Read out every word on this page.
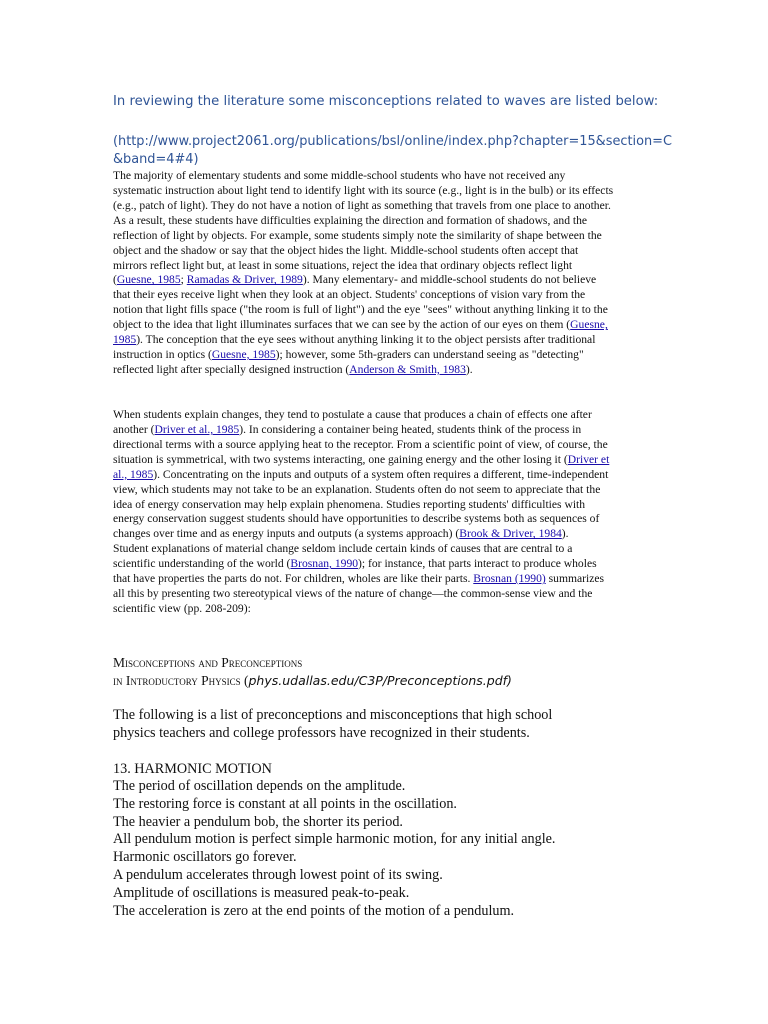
In reviewing the literature some misconceptions related to waves are listed below:

(http://www.project2061.org/publications/bsl/online/index.php?chapter=15&section=C&band=4#4)

The majority of elementary students and some middle-school students who have not received any
systematic instruction about light tend to identify light with its source (e.g., light is in the bulb) or its effects
(e.g., patch of light). They do not have a notion of light as something that travels from one place to another.
As a result, these students have difficulties explaining the direction and formation of shadows, and the
reflection of light by objects. For example, some students simply note the similarity of shape between the
object and the shadow or say that the object hides the light. Middle-school students often accept that
mirrors reflect light but, at least in some situations, reject the idea that ordinary objects reflect light
(Guesne, 1985; Ramadas & Driver, 1989). Many elementary- and middle-school students do not believe
that their eyes receive light when they look at an object. Students' conceptions of vision vary from the
notion that light fills space ("the room is full of light") and the eye "sees" without anything linking it to the
object to the idea that light illuminates surfaces that we can see by the action of our eyes on them (Guesne,
1985). The conception that the eye sees without anything linking it to the object persists after traditional
instruction in optics (Guesne, 1985); however, some 5th-graders can understand seeing as "detecting"
reflected light after specially designed instruction (Anderson & Smith, 1983).

When students explain changes, they tend to postulate a cause that produces a chain of effects one after
another (Driver et al., 1985). In considering a container being heated, students think of the process in
directional terms with a source applying heat to the receptor. From a scientific point of view, of course, the
situation is symmetrical, with two systems interacting, one gaining energy and the other losing it (Driver et
al., 1985). Concentrating on the inputs and outputs of a system often requires a different, time-independent
view, which students may not take to be an explanation. Students often do not seem to appreciate that the
idea of energy conservation may help explain phenomena. Studies reporting students' difficulties with
energy conservation suggest students should have opportunities to describe systems both as sequences of
changes over time and as energy inputs and outputs (a systems approach) (Brook & Driver, 1984).
Student explanations of material change seldom include certain kinds of causes that are central to a
scientific understanding of the world (Brosnan, 1990); for instance, that parts interact to produce wholes
that have properties the parts do not. For children, wholes are like their parts. Brosnan (1990) summarizes
all this by presenting two stereotypical views of the nature of change—the common-sense view and the
scientific view (pp. 208-209):

Misconceptions and Preconceptions
in Introductory Physics (phys.udallas.edu/C3P/Preconceptions.pdf)

The following is a list of preconceptions and misconceptions that high school
physics teachers and college professors have recognized in their students.

13. HARMONIC MOTION

The period of oscillation depends on the amplitude.
The restoring force is constant at all points in the oscillation.
The heavier a pendulum bob, the shorter its period.
All pendulum motion is perfect simple harmonic motion, for any initial angle.
Harmonic oscillators go forever.
A pendulum accelerates through lowest point of its swing.
Amplitude of oscillations is measured peak-to-peak.
The acceleration is zero at the end points of the motion of a pendulum.
